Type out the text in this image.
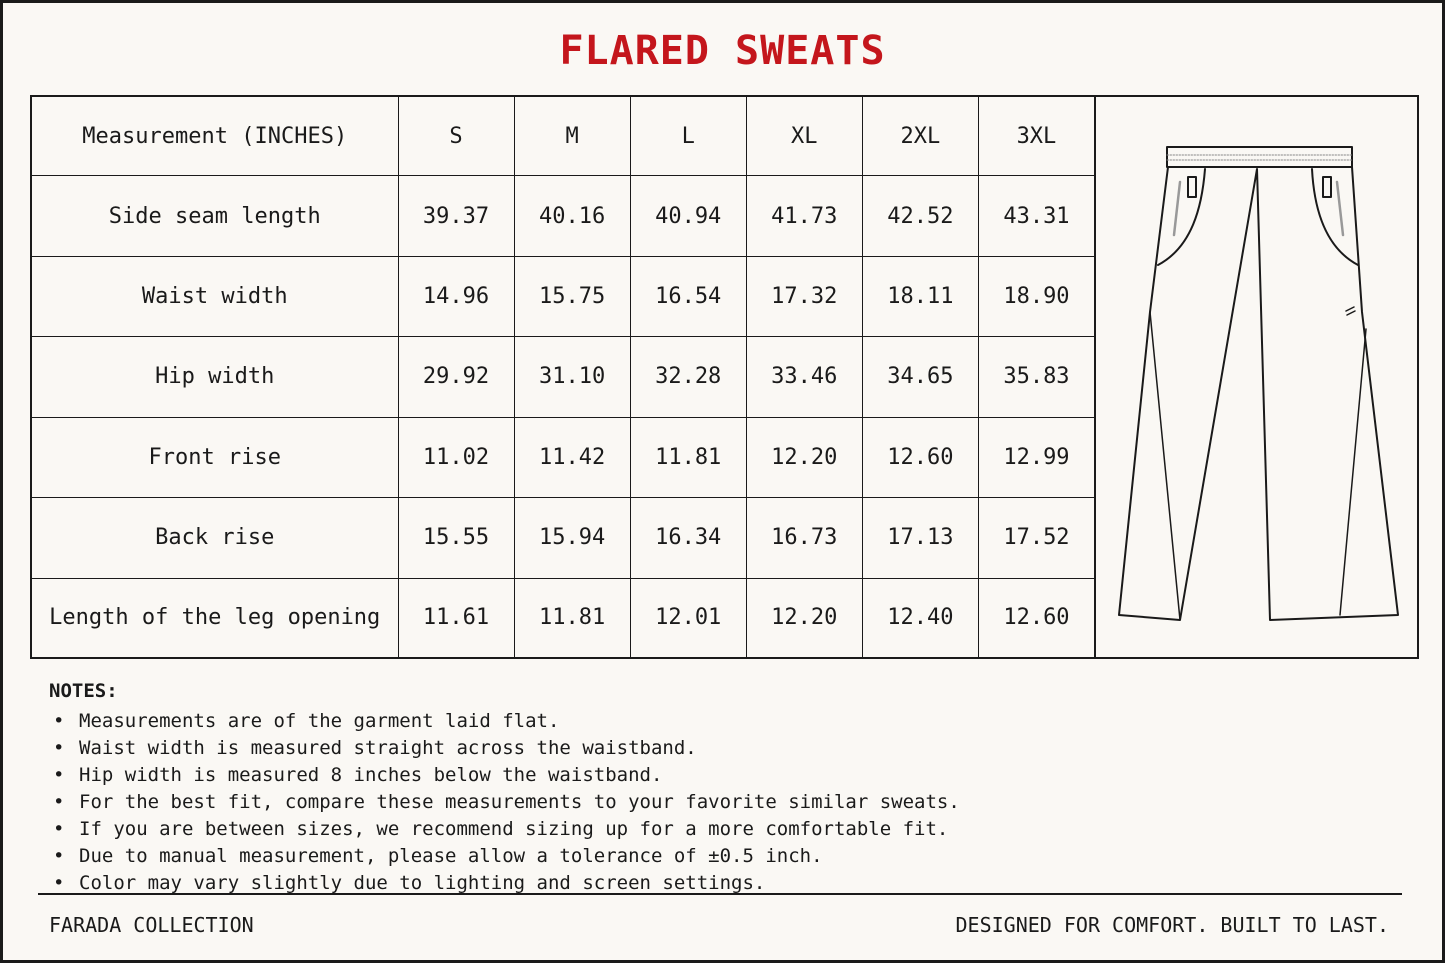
FLARED SWEATS
Measurement (INCHES)	S	M	L	XL	2XL	3XL
Side seam length	39.37	40.16	40.94	41.73	42.52	43.31
Waist width	14.96	15.75	16.54	17.32	18.11	18.90
Hip width	29.92	31.10	32.28	33.46	34.65	35.83
Front rise	11.02	11.42	11.81	12.20	12.60	12.99
Back rise	15.55	15.94	16.34	16.73	17.13	17.52
Length of the leg opening	11.61	11.81	12.01	12.20	12.40	12.60
NOTES:
• Measurements are of the garment laid flat.
• Waist width is measured straight across the waistband.
• Hip width is measured 8 inches below the waistband.
• For the best fit, compare these measurements to your favorite similar sweats.
• If you are between sizes, we recommend sizing up for a more comfortable fit.
• Due to manual measurement, please allow a tolerance of ±0.5 inch.
• Color may vary slightly due to lighting and screen settings.
FARADA COLLECTION	DESIGNED FOR COMFORT. BUILT TO LAST.
